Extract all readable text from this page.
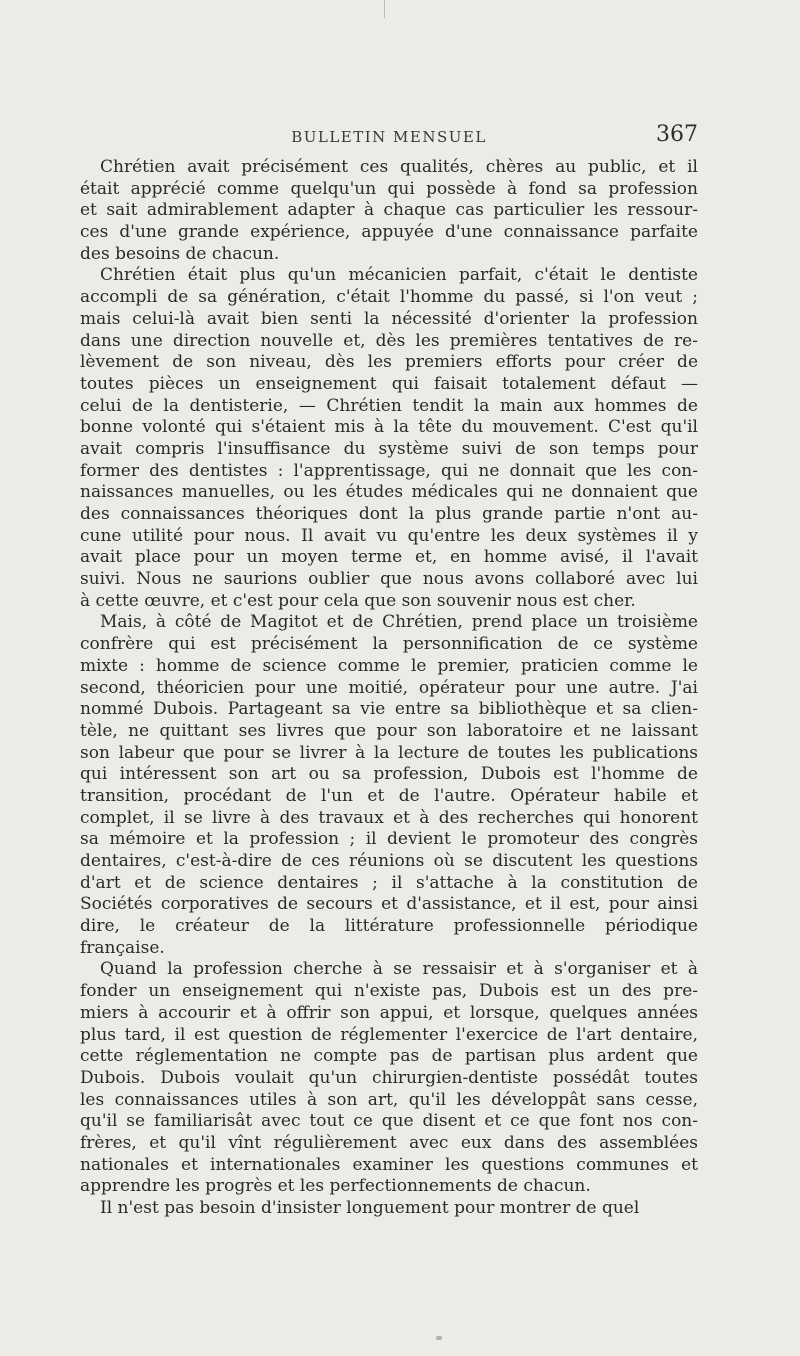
BULLETIN MENSUEL	367
Chrétien avait précisément ces qualités, chères au public, et il
était apprécié comme quelqu'un qui possède à fond sa profession
et sait admirablement adapter à chaque cas particulier les ressour-
ces d'une grande expérience, appuyée d'une connaissance parfaite
des besoins de chacun.
Chrétien était plus qu'un mécanicien parfait, c'était le dentiste
accompli de sa génération, c'était l'homme du passé, si l'on veut ;
mais celui-là avait bien senti la nécessité d'orienter la profession
dans une direction nouvelle et, dès les premières tentatives de re-
lèvement de son niveau, dès les premiers efforts pour créer de
toutes pièces un enseignement qui faisait totalement défaut —
celui de la dentisterie, — Chrétien tendit la main aux hommes de
bonne volonté qui s'étaient mis à la tête du mouvement. C'est qu'il
avait compris l'insuffisance du système suivi de son temps pour
former des dentistes : l'apprentissage, qui ne donnait que les con-
naissances manuelles, ou les études médicales qui ne donnaient que
des connaissances théoriques dont la plus grande partie n'ont au-
cune utilité pour nous. Il avait vu qu'entre les deux systèmes il y
avait place pour un moyen terme et, en homme avisé, il l'avait
suivi. Nous ne saurions oublier que nous avons collaboré avec lui
à cette œuvre, et c'est pour cela que son souvenir nous est cher.
Mais, à côté de Magitot et de Chrétien, prend place un troisième
confrère qui est précisément la personnification de ce système
mixte : homme de science comme le premier, praticien comme le
second, théoricien pour une moitié, opérateur pour une autre. J'ai
nommé Dubois. Partageant sa vie entre sa bibliothèque et sa clien-
tèle, ne quittant ses livres que pour son laboratoire et ne laissant
son labeur que pour se livrer à la lecture de toutes les publications
qui intéressent son art ou sa profession, Dubois est l'homme de
transition, procédant de l'un et de l'autre. Opérateur habile et
complet, il se livre à des travaux et à des recherches qui honorent
sa mémoire et la profession ; il devient le promoteur des congrès
dentaires, c'est-à-dire de ces réunions où se discutent les questions
d'art et de science dentaires ; il s'attache à la constitution de
Sociétés corporatives de secours et d'assistance, et il est, pour ainsi
dire, le créateur de la littérature professionnelle périodique
française.
Quand la profession cherche à se ressaisir et à s'organiser et à
fonder un enseignement qui n'existe pas, Dubois est un des pre-
miers à accourir et à offrir son appui, et lorsque, quelques années
plus tard, il est question de réglementer l'exercice de l'art dentaire,
cette réglementation ne compte pas de partisan plus ardent que
Dubois. Dubois voulait qu'un chirurgien-dentiste possédât toutes
les connaissances utiles à son art, qu'il les développât sans cesse,
qu'il se familiarisât avec tout ce que disent et ce que font nos con-
frères, et qu'il vînt régulièrement avec eux dans des assemblées
nationales et internationales examiner les questions communes et
apprendre les progrès et les perfectionnements de chacun.
Il n'est pas besoin d'insister longuement pour montrer de quel
